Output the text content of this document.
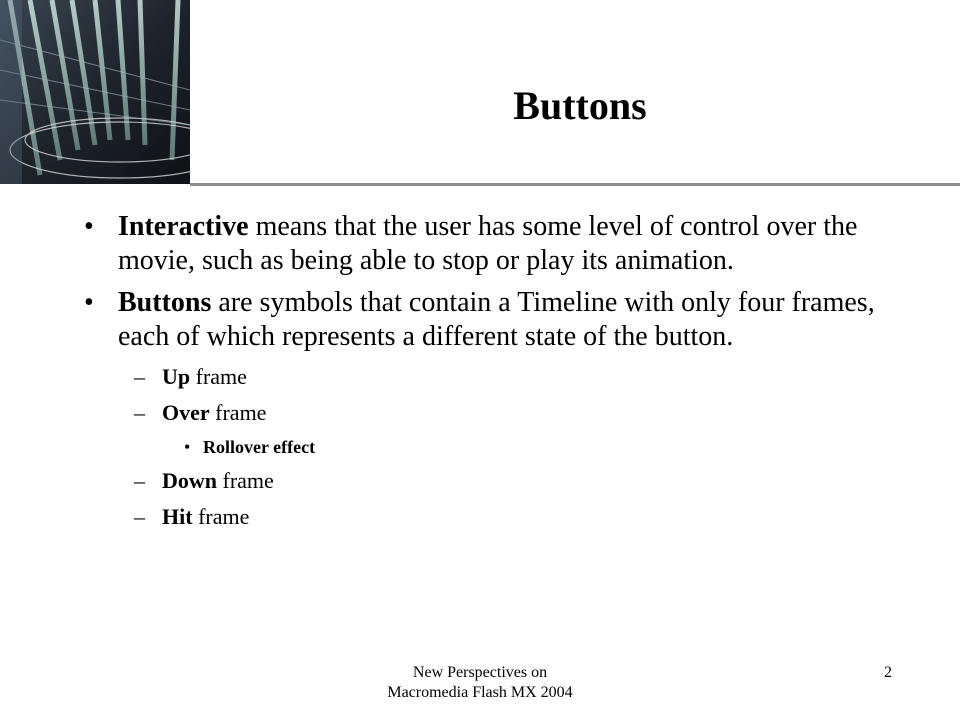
Buttons
• Interactive means that the user has some level of control over the movie, such as being able to stop or play its animation.
• Buttons are symbols that contain a Timeline with only four frames, each of which represents a different state of the button.
– Up frame
– Over frame
• Rollover effect
– Down frame
– Hit frame
New Perspectives on
Macromedia Flash MX 2004
2
